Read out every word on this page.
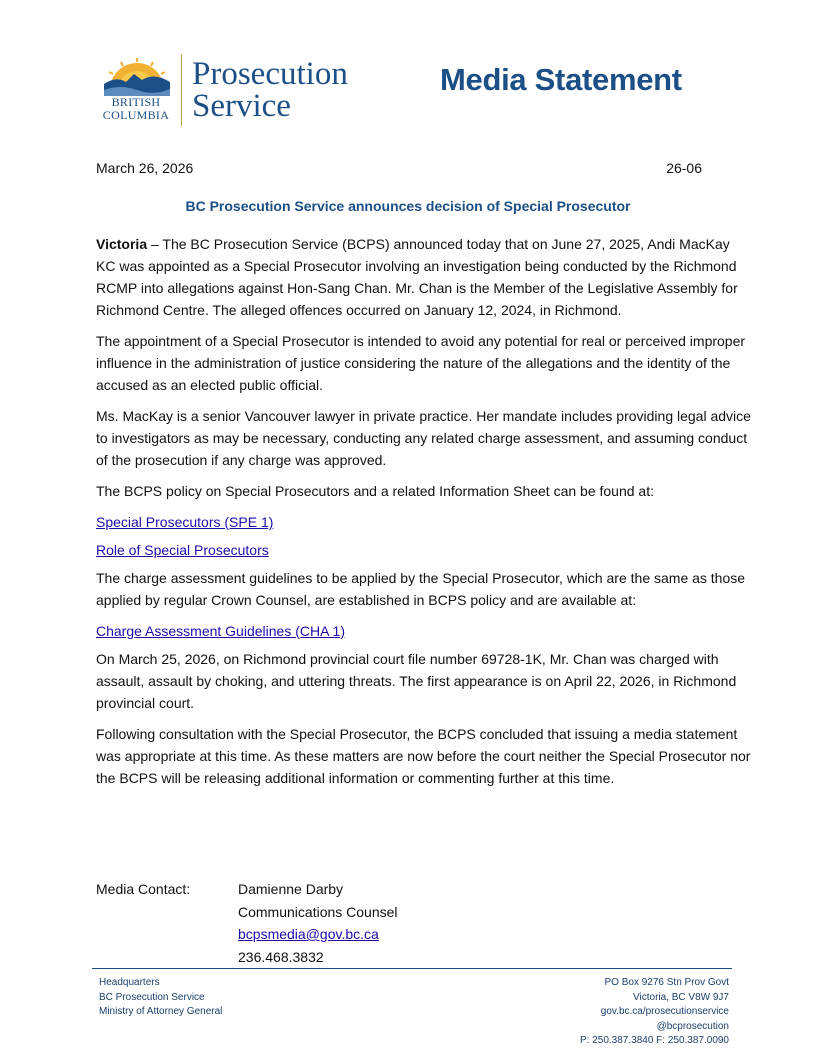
BRITISH
COLUMBIA
Prosecution
Service
Media Statement
March 26, 2026	26-06
BC Prosecution Service announces decision of Special Prosecutor

Victoria – The BC Prosecution Service (BCPS) announced today that on June 27, 2025, Andi MacKay KC was appointed as a Special Prosecutor involving an investigation being conducted by the Richmond RCMP into allegations against Hon-Sang Chan. Mr. Chan is the Member of the Legislative Assembly for Richmond Centre. The alleged offences occurred on January 12, 2024, in Richmond.

The appointment of a Special Prosecutor is intended to avoid any potential for real or perceived improper influence in the administration of justice considering the nature of the allegations and the identity of the accused as an elected public official.

Ms. MacKay is a senior Vancouver lawyer in private practice. Her mandate includes providing legal advice to investigators as may be necessary, conducting any related charge assessment, and assuming conduct of the prosecution if any charge was approved.

The BCPS policy on Special Prosecutors and a related Information Sheet can be found at:

Special Prosecutors (SPE 1)

Role of Special Prosecutors

The charge assessment guidelines to be applied by the Special Prosecutor, which are the same as those applied by regular Crown Counsel, are established in BCPS policy and are available at:

Charge Assessment Guidelines (CHA 1)

On March 25, 2026, on Richmond provincial court file number 69728-1K, Mr. Chan was charged with assault, assault by choking, and uttering threats. The first appearance is on April 22, 2026, in Richmond provincial court.

Following consultation with the Special Prosecutor, the BCPS concluded that issuing a media statement was appropriate at this time. As these matters are now before the court neither the Special Prosecutor nor the BCPS will be releasing additional information or commenting further at this time.

Media Contact:	Damienne Darby
Communications Counsel
bcpsmedia@gov.bc.ca
236.468.3832
Headquarters
BC Prosecution Service
Ministry of Attorney General
PO Box 9276 Stn Prov Govt
Victoria, BC V8W 9J7
gov.bc.ca/prosecutionservice
@bcprosecution
P: 250.387.3840 F: 250.387.0090
